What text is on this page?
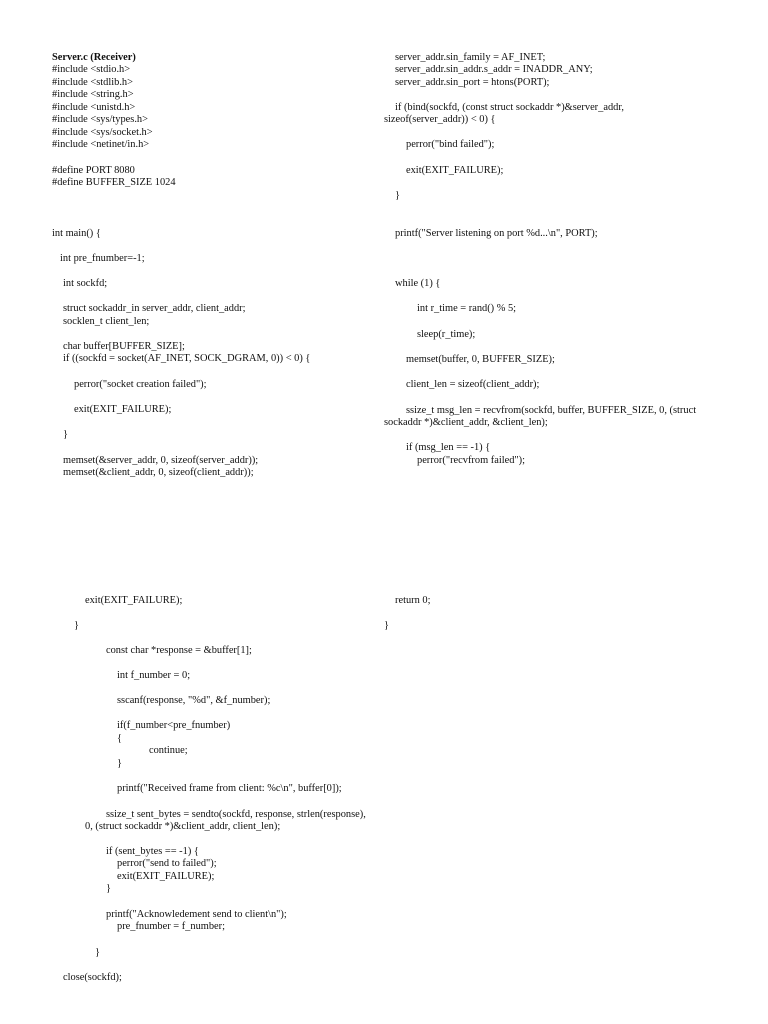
Server.c (Receiver)
#include <stdio.h>
#include <stdlib.h>
#include <string.h>
#include <unistd.h>
#include <sys/types.h>
#include <sys/socket.h>
#include <netinet/in.h>
#define PORT 8080
#define BUFFER_SIZE 1024
int main() {
int pre_fnumber=-1;
int sockfd;
struct sockaddr_in server_addr, client_addr;
socklen_t client_len;
char buffer[BUFFER_SIZE];
if ((sockfd = socket(AF_INET, SOCK_DGRAM, 0)) < 0) {
perror("socket creation failed");
exit(EXIT_FAILURE);
}
memset(&server_addr, 0, sizeof(server_addr));
memset(&client_addr, 0, sizeof(client_addr));
server_addr.sin_family = AF_INET;
server_addr.sin_addr.s_addr = INADDR_ANY;
server_addr.sin_port = htons(PORT);
if (bind(sockfd, (const struct sockaddr *)&server_addr,
sizeof(server_addr)) < 0) {
perror("bind failed");
exit(EXIT_FAILURE);
}
printf("Server listening on port %d...\n", PORT);
while (1) {
int r_time = rand() % 5;
sleep(r_time);
memset(buffer, 0, BUFFER_SIZE);
client_len = sizeof(client_addr);
ssize_t msg_len = recvfrom(sockfd, buffer, BUFFER_SIZE, 0, (struct
sockaddr *)&client_addr, &client_len);
if (msg_len == -1) {
perror("recvfrom failed");
exit(EXIT_FAILURE);
}
const char *response = &buffer[1];
int f_number = 0;
sscanf(response, "%d", &f_number);
if(f_number<pre_fnumber)
{
continue;
}
printf("Received frame from client: %c\n", buffer[0]);
ssize_t sent_bytes = sendto(sockfd, response, strlen(response),
0, (struct sockaddr *)&client_addr, client_len);
if (sent_bytes == -1) {
perror("send to failed");
exit(EXIT_FAILURE);
}
printf("Acknowledement send to client\n");
pre_fnumber = f_number;
}
close(sockfd);
return 0;
}
